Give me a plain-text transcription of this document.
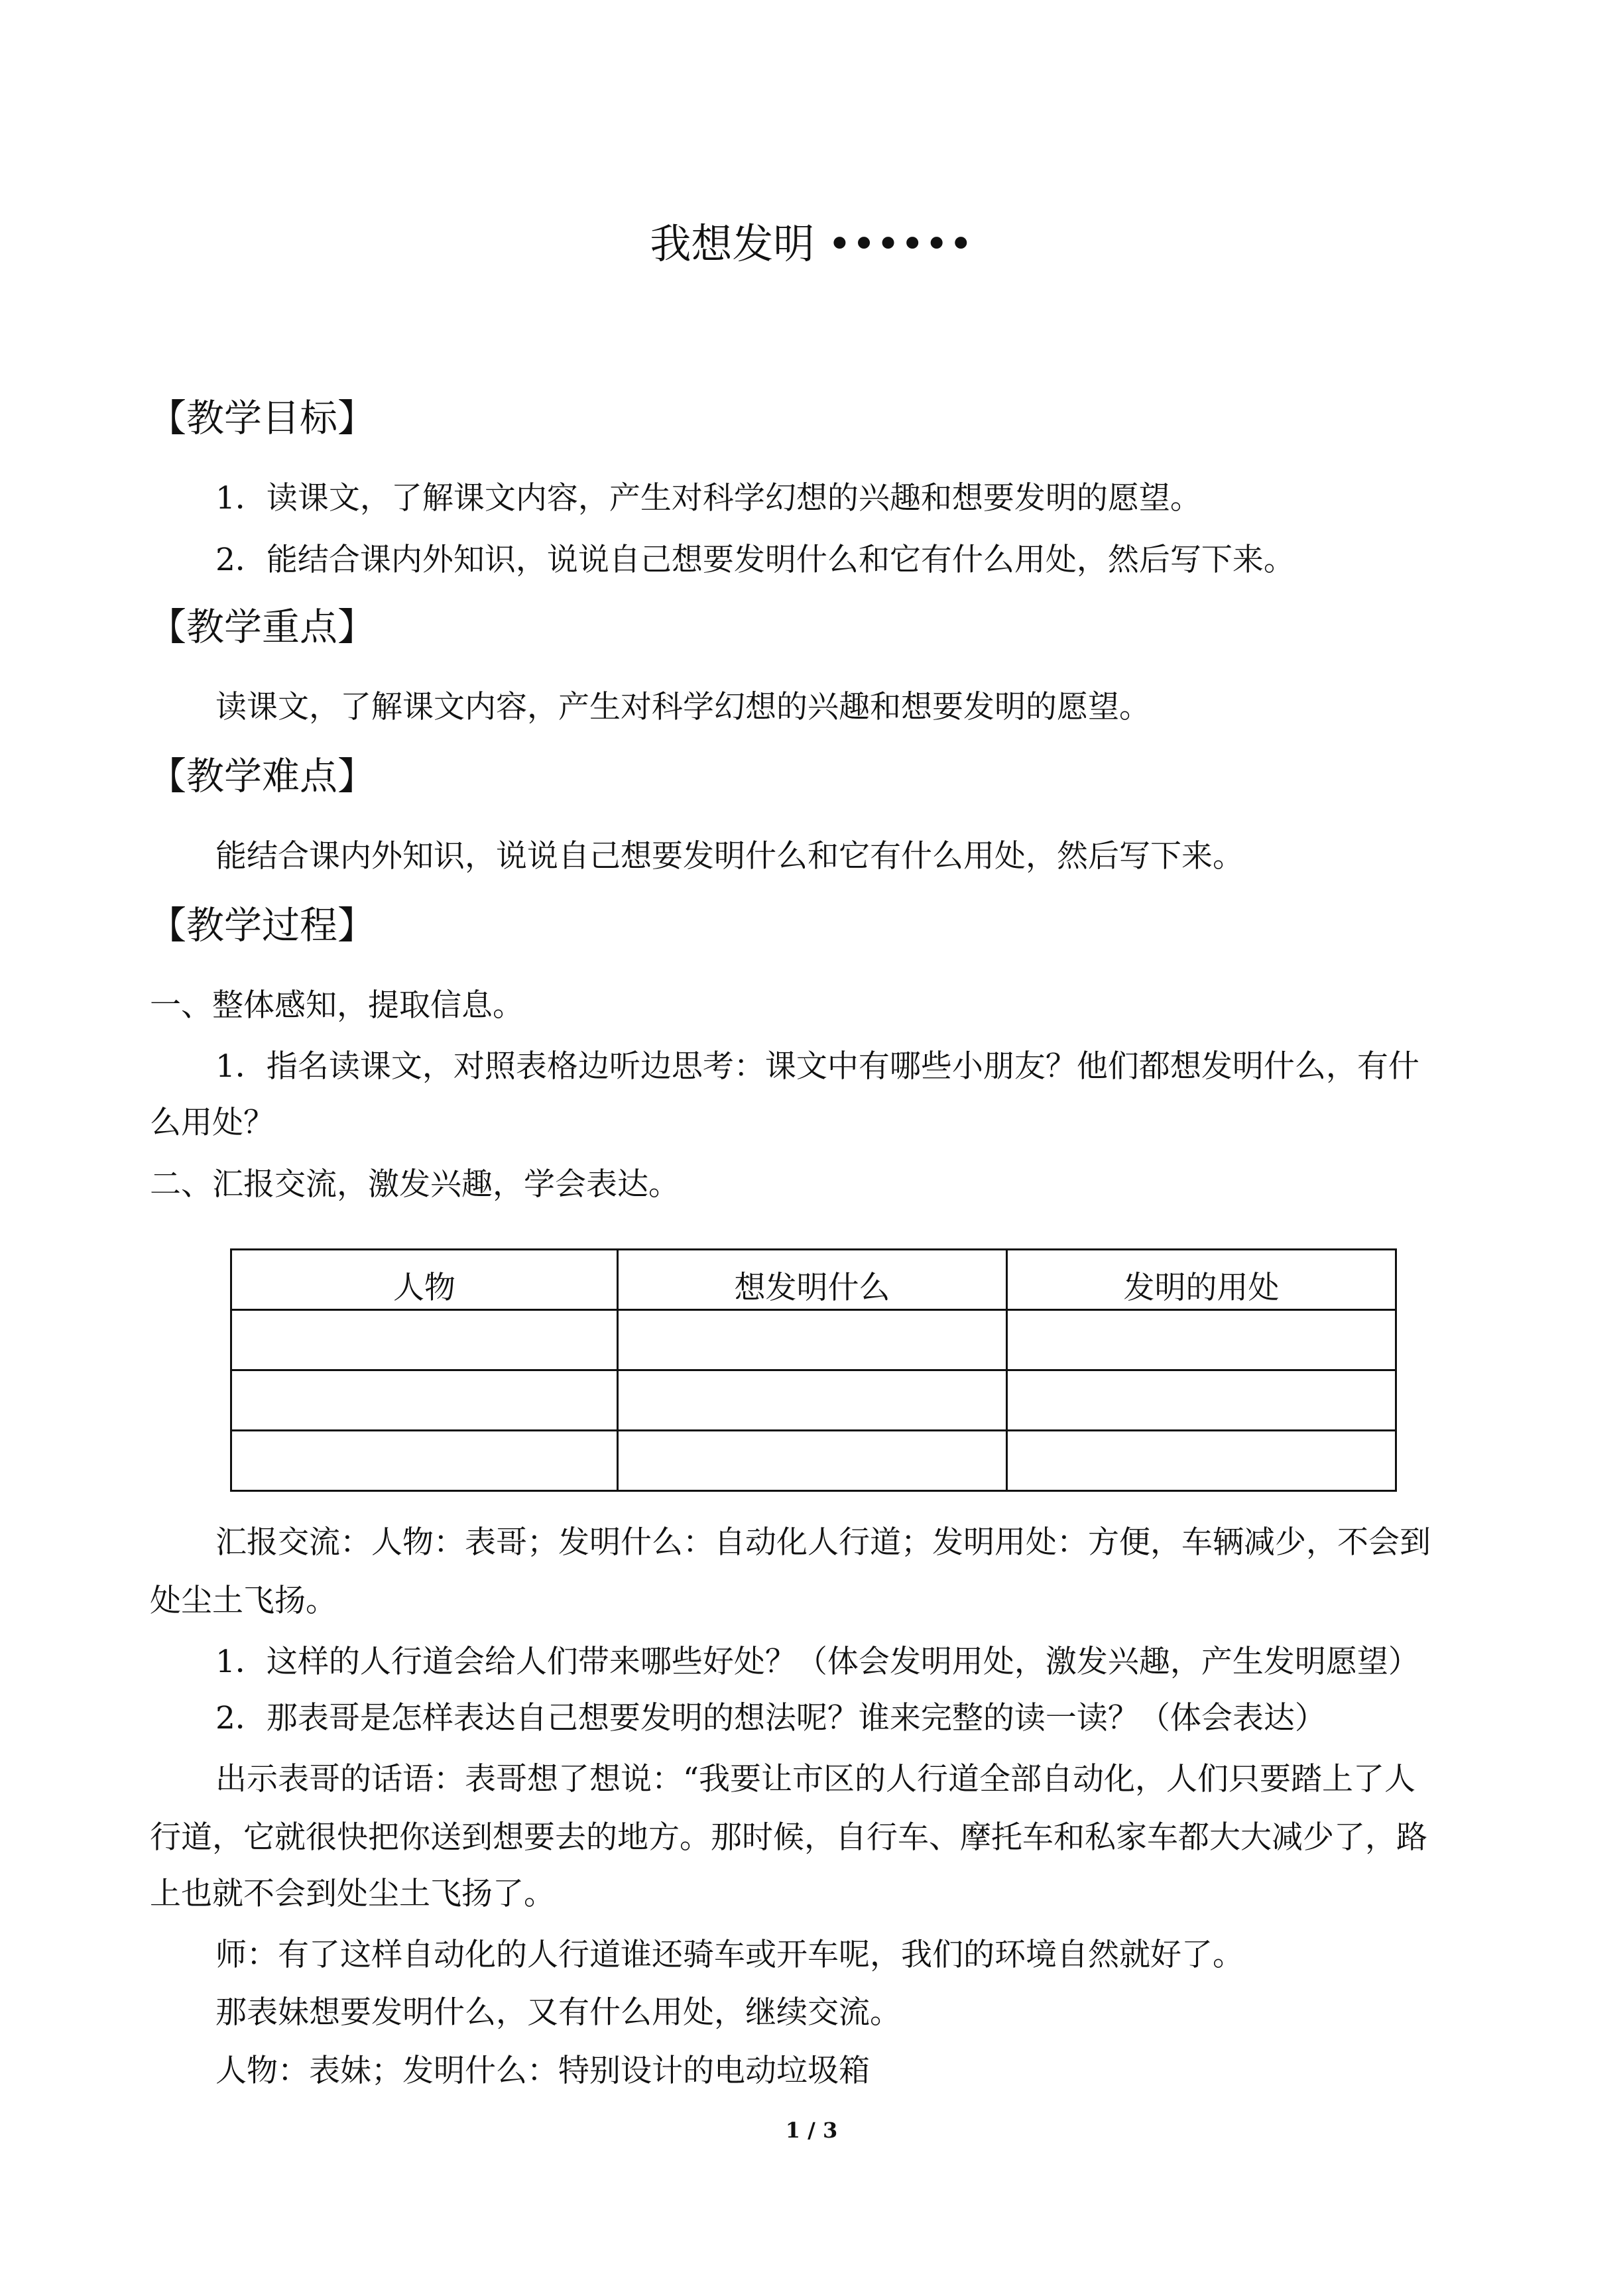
我想发明 ••••••
【教学目标】
1．读课文，了解课文内容，产生对科学幻想的兴趣和想要发明的愿望。
2．能结合课内外知识，说说自己想要发明什么和它有什么用处，然后写下来。
【教学重点】
读课文，了解课文内容，产生对科学幻想的兴趣和想要发明的愿望。
【教学难点】
能结合课内外知识，说说自己想要发明什么和它有什么用处，然后写下来。
【教学过程】
一、整体感知，提取信息。
1．指名读课文，对照表格边听边思考：课文中有哪些小朋友？他们都想发明什么，有什
么用处？
二、汇报交流，激发兴趣，学会表达。
人物	想发明什么	发明的用处

汇报交流：人物：表哥；发明什么：自动化人行道；发明用处：方便，车辆减少，不会到
处尘土飞扬。
1．这样的人行道会给人们带来哪些好处？（体会发明用处，激发兴趣，产生发明愿望）
2．那表哥是怎样表达自己想要发明的想法呢？谁来完整的读一读？（体会表达）
出示表哥的话语：表哥想了想说：“我要让市区的人行道全部自动化，人们只要踏上了人
行道，它就很快把你送到想要去的地方。那时候，自行车、摩托车和私家车都大大减少了，路
上也就不会到处尘土飞扬了。
师：有了这样自动化的人行道谁还骑车或开车呢，我们的环境自然就好了。
那表妹想要发明什么，又有什么用处，继续交流。
人物：表妹；发明什么：特别设计的电动垃圾箱
1 / 3
